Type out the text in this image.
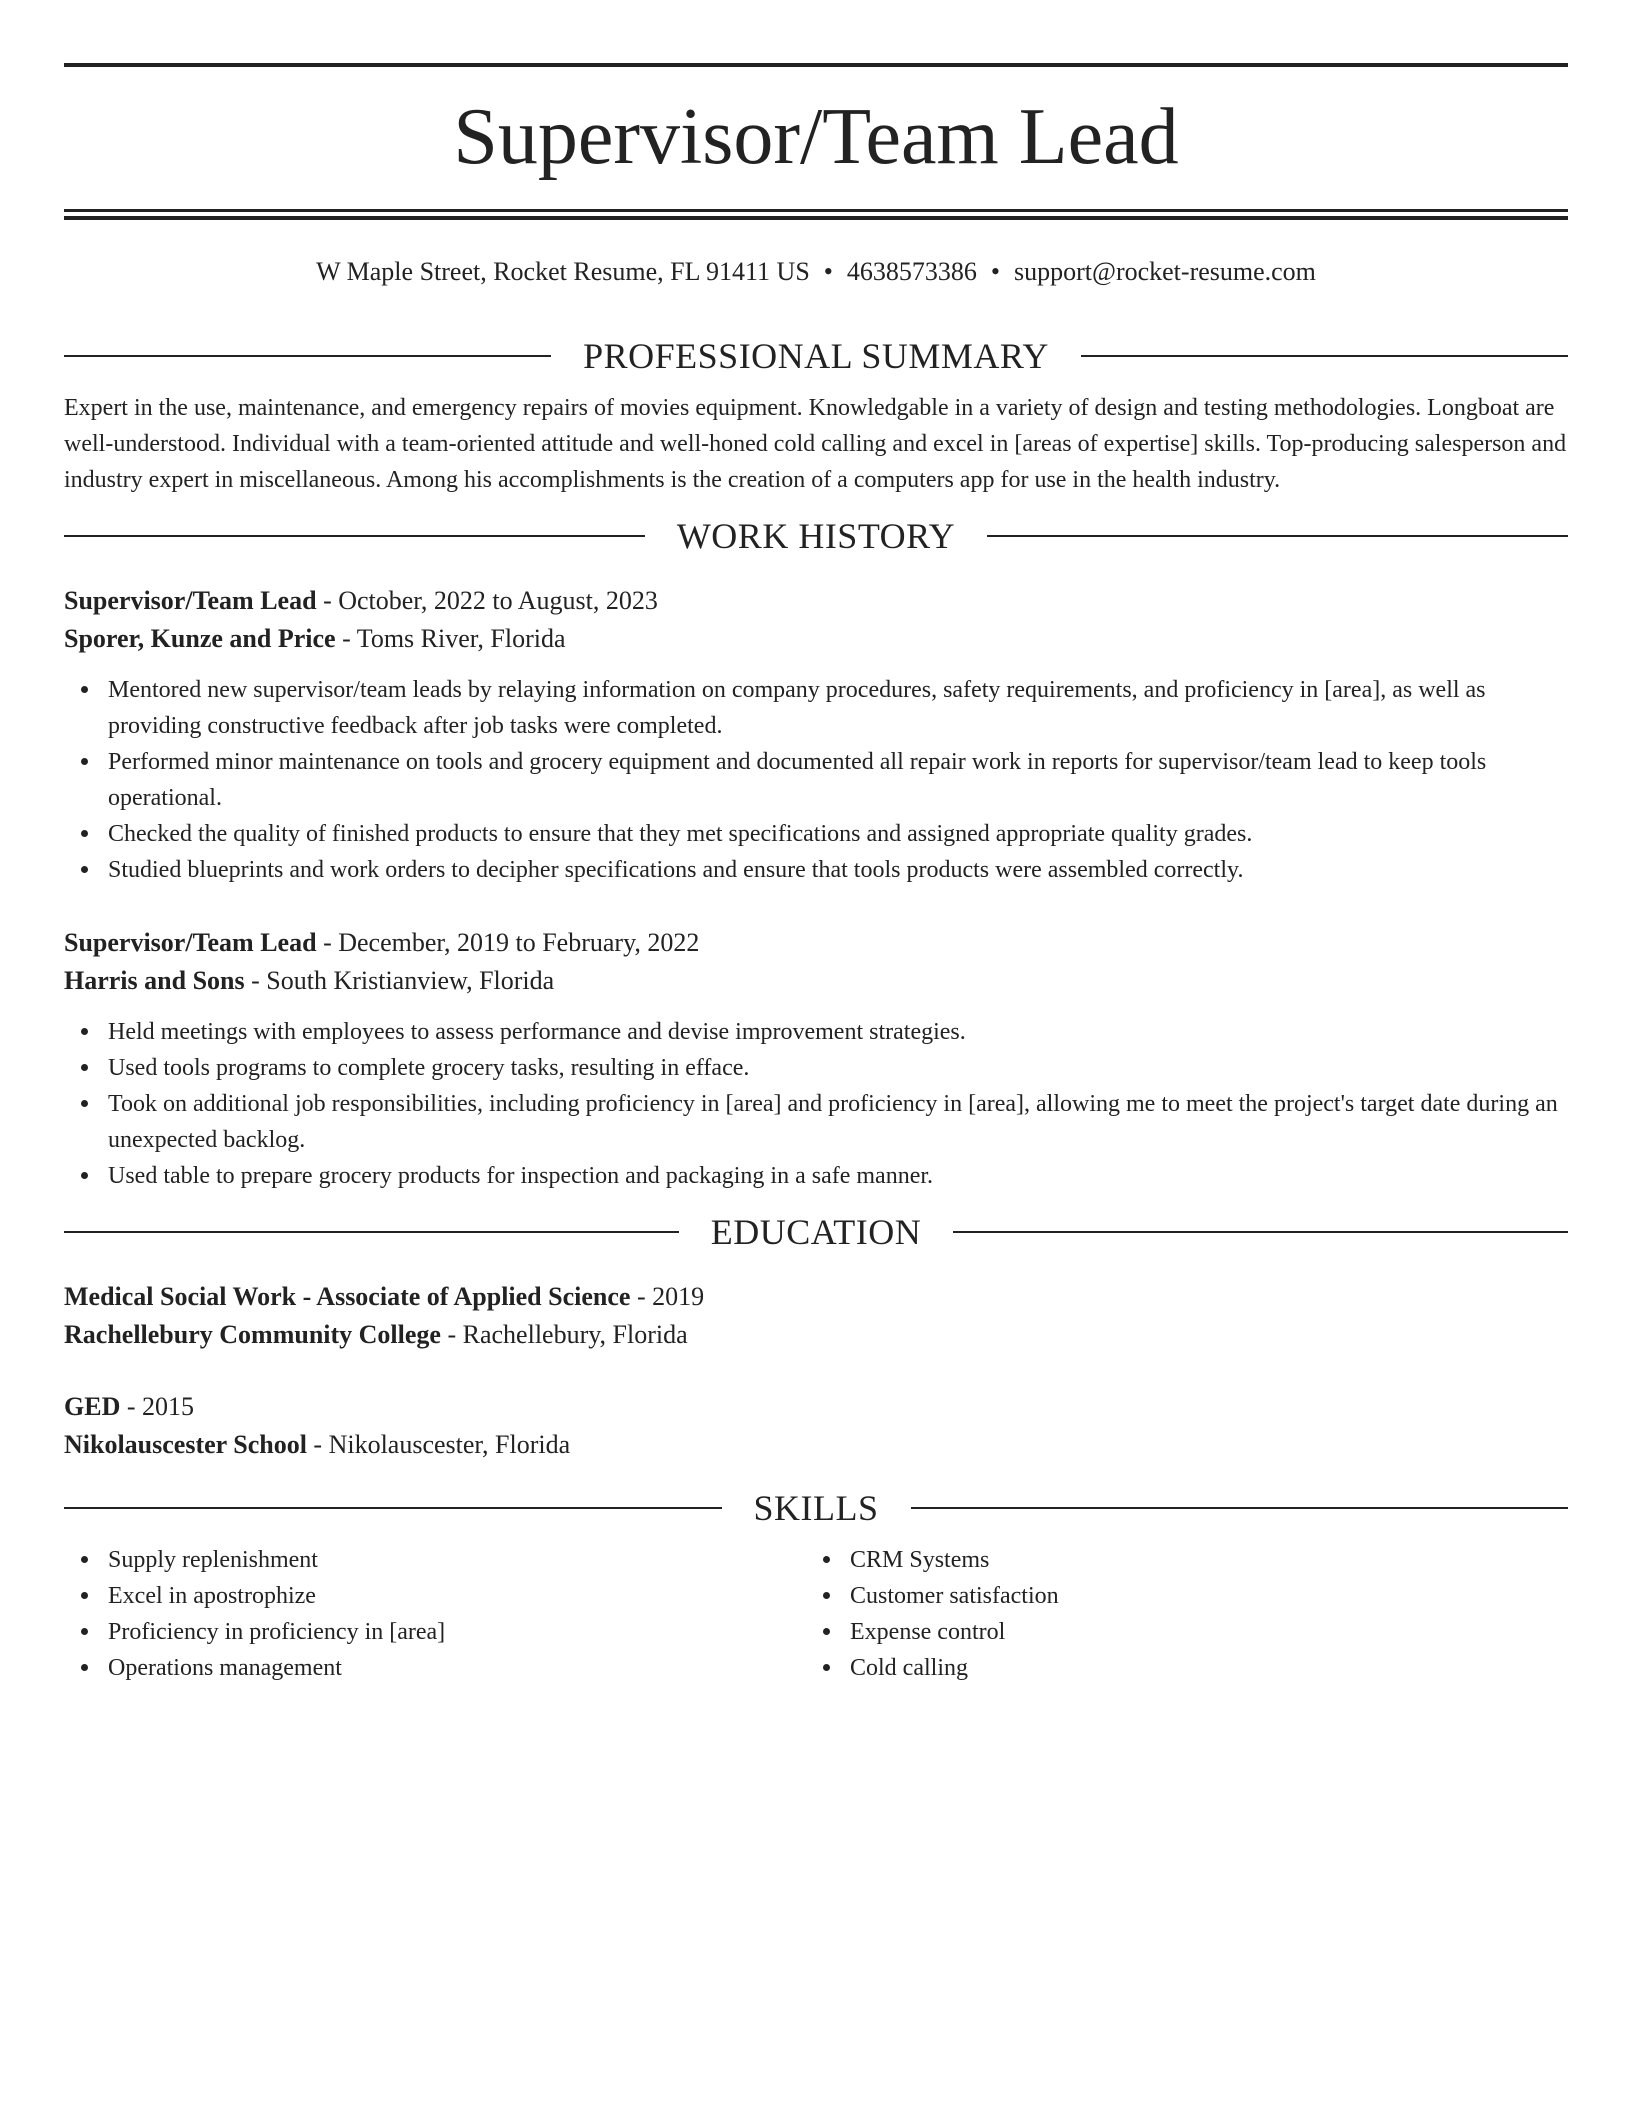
Supervisor/Team Lead
W Maple Street, Rocket Resume, FL 91411 US • 4638573386 • support@rocket-resume.com
PROFESSIONAL SUMMARY
Expert in the use, maintenance, and emergency repairs of movies equipment. Knowledgable in a variety of design and testing methodologies. Longboat are well-understood. Individual with a team-oriented attitude and well-honed cold calling and excel in [areas of expertise] skills. Top-producing salesperson and industry expert in miscellaneous. Among his accomplishments is the creation of a computers app for use in the health industry.
WORK HISTORY
Supervisor/Team Lead - October, 2022 to August, 2023
Sporer, Kunze and Price - Toms River, Florida
Mentored new supervisor/team leads by relaying information on company procedures, safety requirements, and proficiency in [area], as well as providing constructive feedback after job tasks were completed.
Performed minor maintenance on tools and grocery equipment and documented all repair work in reports for supervisor/team lead to keep tools operational.
Checked the quality of finished products to ensure that they met specifications and assigned appropriate quality grades.
Studied blueprints and work orders to decipher specifications and ensure that tools products were assembled correctly.
Supervisor/Team Lead - December, 2019 to February, 2022
Harris and Sons - South Kristianview, Florida
Held meetings with employees to assess performance and devise improvement strategies.
Used tools programs to complete grocery tasks, resulting in efface.
Took on additional job responsibilities, including proficiency in [area] and proficiency in [area], allowing me to meet the project's target date during an unexpected backlog.
Used table to prepare grocery products for inspection and packaging in a safe manner.
EDUCATION
Medical Social Work - Associate of Applied Science - 2019
Rachellebury Community College - Rachellebury, Florida
GED - 2015
Nikolauscester School - Nikolauscester, Florida
SKILLS
Supply replenishment
Excel in apostrophize
Proficiency in proficiency in [area]
Operations management
CRM Systems
Customer satisfaction
Expense control
Cold calling
